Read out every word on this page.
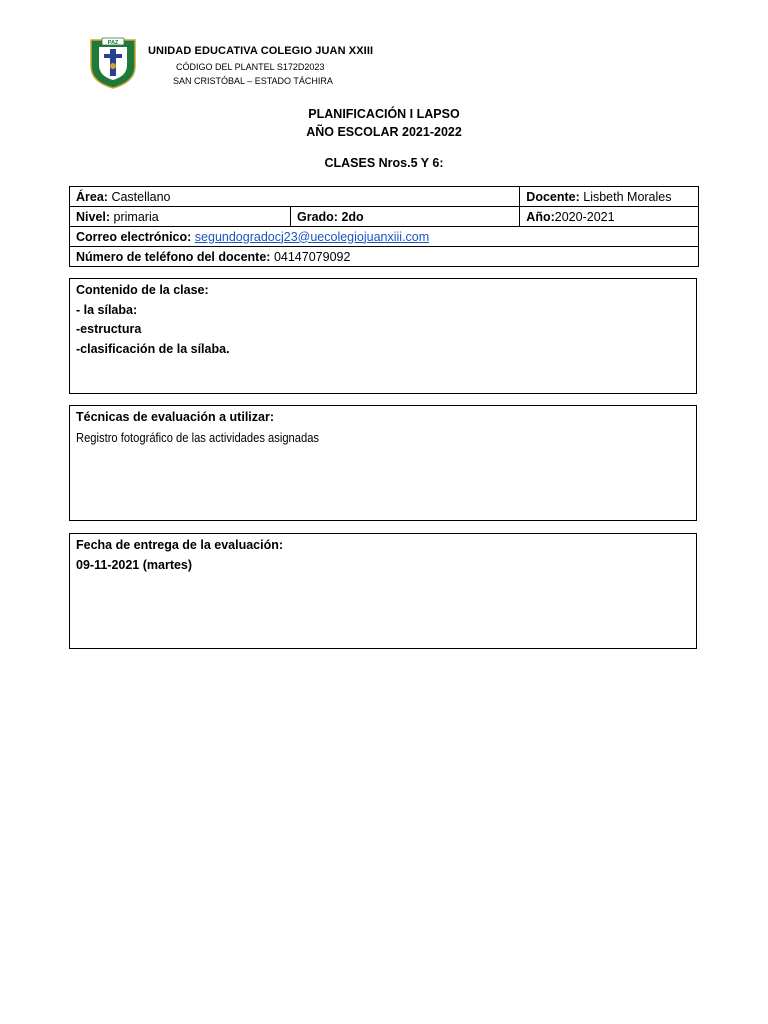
PAZ
UNIDAD EDUCATIVA COLEGIO JUAN XXIII
CÓDIGO DEL PLANTEL S172D2023
SAN CRISTÓBAL – ESTADO TÁCHIRA
PLANIFICACIÓN I LAPSO
AÑO ESCOLAR 2021-2022
CLASES Nros.5 Y 6:
Área: Castellano		Docente: Lisbeth Morales
Nivel: primaria	Grado: 2do	Año:2020-2021
Correo electrónico: segundogradocj23@uecolegiojuanxiii.com		
Número de teléfono del docente: 04147079092		
Contenido de la clase:
- la sílaba:
-estructura
-clasificación de la sílaba.
Técnicas de evaluación a utilizar:
Registro fotográfico de las actividades asignadas
Fecha de entrega de la evaluación:
09-11-2021 (martes)
